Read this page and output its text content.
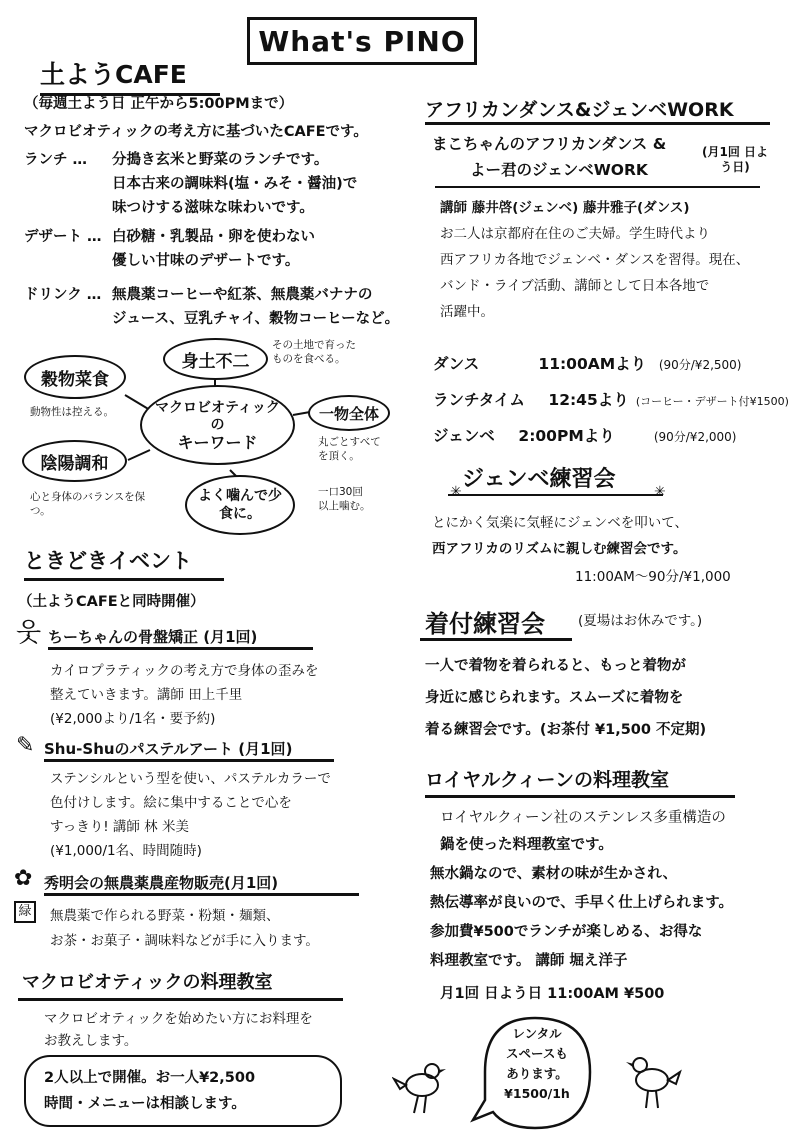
What's PINO
土ようCAFE
（毎週土よう日 正午から5:00PMまで）
マクロビオティックの考え方に基づいたCAFEです。
ランチ … 分搗き玄米と野菜のランチです。
日本古来の調味料(塩・みそ・醤油)で
味つけする滋味な味わいです。
デザート … 白砂糖・乳製品・卵を使わない
優しい甘味のデザートです。
ドリンク … 無農薬コーヒーや紅茶、無農薬バナナの
ジュース、豆乳チャイ、穀物コーヒーなど。
マクロビオティック
の
キーワード
穀物菜食
動物性は控える。
身土不二
その土地で育ったものを食べる。
一物全体
丸ごとすべてを頂く。
陰陽調和
心と身体のバランスを保つ。
よく噛んで少食に。
一口30回以上噛む。
ときどきイベント
（土ようCAFEと同時開催）
웃 ちーちゃんの骨盤矯正 (月1回)
カイロプラティックの考え方で身体の歪みを
整えていきます。講師 田上千里
(¥2,000より/1名・要予約)
✎ Shu-Shuのパステルアート (月1回)
ステンシルという型を使い、パステルカラーで
色付けします。絵に集中することで心を
すっきり! 講師 林 米美
(¥1,000/1名、時間随時)
✿
緑
秀明会の無農薬農産物販売(月1回)
無農薬で作られる野菜・粉類・麺類、
お茶・お菓子・調味料などが手に入ります。
マクロビオティックの料理教室
マクロビオティックを始めたい方にお料理を
お教えします。
2人以上で開催。お一人¥2,500
時間・メニューは相談します。
アフリカンダンス&ジェンベWORK
まこちゃんのアフリカンダンス &
よー君のジェンベWORK
(月1回 日よう日)
講師 藤井啓(ジェンベ) 藤井雅子(ダンス)
お二人は京都府在住のご夫婦。学生時代より
西アフリカ各地でジェンベ・ダンスを習得。現在、
バンド・ライブ活動、講師として日本各地で
活躍中。
ダンス	11:00AMより (90分/¥2,500)
ランチタイム 12:45より (コーヒー・デザート付¥1500)
ジェンベ 2:00PMより	(90分/¥2,000)
ジェンベ練習会
✳	✳
とにかく気楽に気軽にジェンベを叩いて、
西アフリカのリズムに親しむ練習会です。
11:00AM〜90分/¥1,000
着付練習会 (夏場はお休みです。)
一人で着物を着られると、もっと着物が
身近に感じられます。スムーズに着物を
着る練習会です。(お茶付 ¥1,500 不定期)
ロイヤルクィーンの料理教室
ロイヤルクィーン社のステンレス多重構造の
鍋を使った料理教室です。
無水鍋なので、素材の味が生かされ、
熱伝導率が良いので、手早く仕上げられます。
参加費¥500でランチが楽しめる、お得な
料理教室です。 講師 堀え洋子
月1回 日よう日 11:00AM ¥500
レンタル
スペースも
あります。
¥1500/1h
